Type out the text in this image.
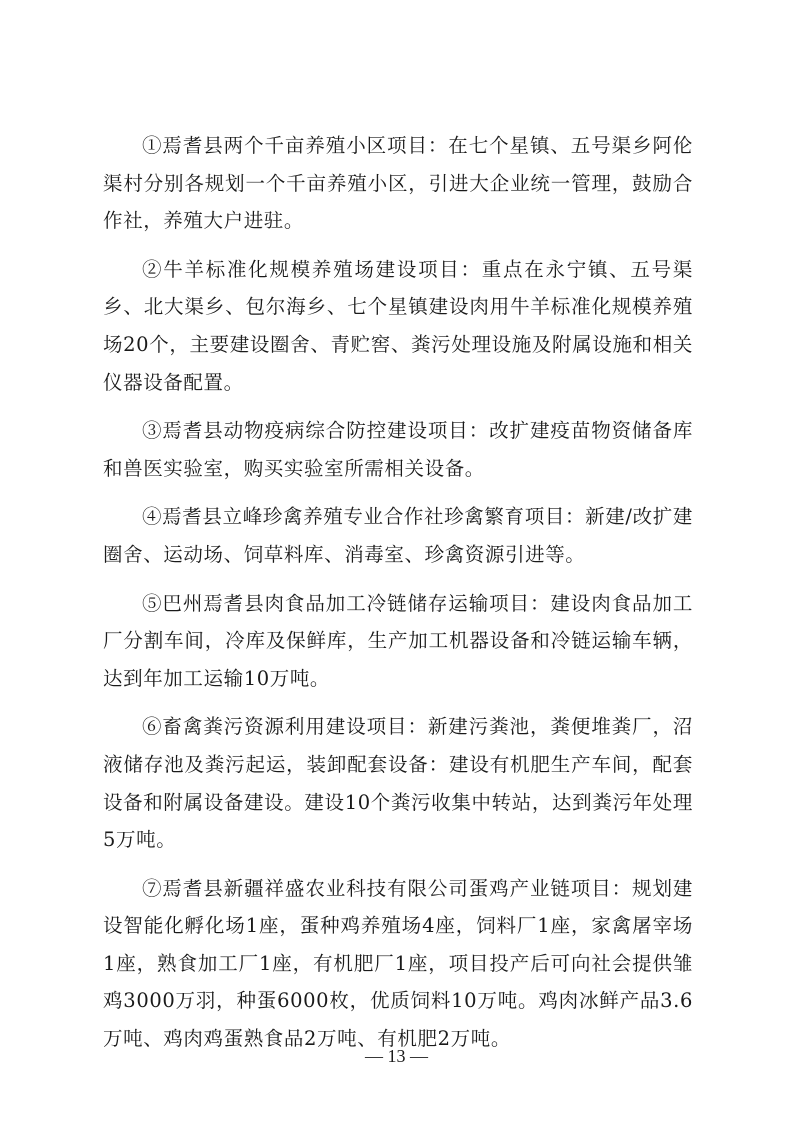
①焉耆县两个千亩养殖小区项目：在七个星镇、五号渠乡阿伦渠村分别各规划一个千亩养殖小区，引进大企业统一管理，鼓励合作社，养殖大户进驻。

②牛羊标准化规模养殖场建设项目：重点在永宁镇、五号渠乡、北大渠乡、包尔海乡、七个星镇建设肉用牛羊标准化规模养殖场20个，主要建设圈舍、青贮窖、粪污处理设施及附属设施和相关仪器设备配置。

③焉耆县动物疫病综合防控建设项目：改扩建疫苗物资储备库和兽医实验室，购买实验室所需相关设备。

④焉耆县立峰珍禽养殖专业合作社珍禽繁育项目：新建/改扩建圈舍、运动场、饲草料库、消毒室、珍禽资源引进等。

⑤巴州焉耆县肉食品加工冷链储存运输项目：建设肉食品加工厂分割车间，冷库及保鲜库，生产加工机器设备和冷链运输车辆，达到年加工运输10万吨。

⑥畜禽粪污资源利用建设项目：新建污粪池，粪便堆粪厂，沼液储存池及粪污起运，装卸配套设备：建设有机肥生产车间，配套设备和附属设备建设。建设10个粪污收集中转站，达到粪污年处理5万吨。

⑦焉耆县新疆祥盛农业科技有限公司蛋鸡产业链项目：规划建设智能化孵化场1座，蛋种鸡养殖场4座，饲料厂1座，家禽屠宰场1座，熟食加工厂1座，有机肥厂1座，项目投产后可向社会提供雏鸡3000万羽，种蛋6000枚，优质饲料10万吨。鸡肉冰鲜产品3.6万吨、鸡肉鸡蛋熟食品2万吨、有机肥2万吨。

— 13 —
